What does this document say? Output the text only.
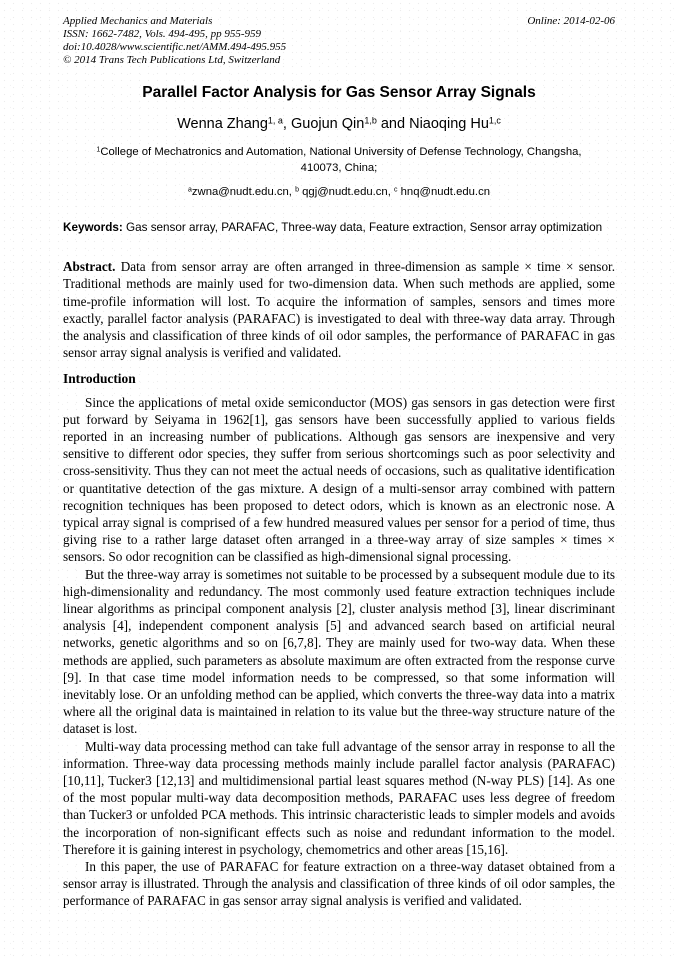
Applied Mechanics and Materials
ISSN: 1662-7482, Vols. 494-495, pp 955-959
doi:10.4028/www.scientific.net/AMM.494-495.955
© 2014 Trans Tech Publications Ltd, Switzerland
Online: 2014-02-06
Parallel Factor Analysis for Gas Sensor Array Signals
Wenna Zhang$^{1, a}$, Guojun Qin$^{1,b}$ and Niaoqing Hu$^{1,c}$
$^1$College of Mechatronics and Automation, National University of Defense Technology, Changsha,
410073, China;
$^a$zwna@nudt.edu.cn, $^b$ qgj@nudt.edu.cn, $^c$ hnq@nudt.edu.cn

Keywords: Gas sensor array, PARAFAC, Three-way data, Feature extraction, Sensor array optimization

Abstract. Data from sensor array are often arranged in three-dimension as sample × time × sensor. Traditional methods are mainly used for two-dimension data. When such methods are applied, some time-profile information will lost. To acquire the information of samples, sensors and times more exactly, parallel factor analysis (PARAFAC) is investigated to deal with three-way data array. Through the analysis and classification of three kinds of oil odor samples, the performance of PARAFAC in gas sensor array signal analysis is verified and validated.

Introduction

Since the applications of metal oxide semiconductor (MOS) gas sensors in gas detection were first put forward by Seiyama in 1962[1], gas sensors have been successfully applied to various fields reported in an increasing number of publications. Although gas sensors are inexpensive and very sensitive to different odor species, they suffer from serious shortcomings such as poor selectivity and cross-sensitivity. Thus they can not meet the actual needs of occasions, such as qualitative identification or quantitative detection of the gas mixture. A design of a multi-sensor array combined with pattern recognition techniques has been proposed to detect odors, which is known as an electronic nose. A typical array signal is comprised of a few hundred measured values per sensor for a period of time, thus giving rise to a rather large dataset often arranged in a three-way array of size samples × times × sensors. So odor recognition can be classified as high-dimensional signal processing.

But the three-way array is sometimes not suitable to be processed by a subsequent module due to its high-dimensionality and redundancy. The most commonly used feature extraction techniques include linear algorithms as principal component analysis [2], cluster analysis method [3], linear discriminant analysis [4], independent component analysis [5] and advanced search based on artificial neural networks, genetic algorithms and so on [6,7,8]. They are mainly used for two-way data. When these methods are applied, such parameters as absolute maximum are often extracted from the response curve [9]. In that case time model information needs to be compressed, so that some information will inevitably lose. Or an unfolding method can be applied, which converts the three-way data into a matrix where all the original data is maintained in relation to its value but the three-way structure nature of the dataset is lost.

Multi-way data processing method can take full advantage of the sensor array in response to all the information. Three-way data processing methods mainly include parallel factor analysis (PARAFAC) [10,11], Tucker3 [12,13] and multidimensional partial least squares method (N-way PLS) [14]. As one of the most popular multi-way data decomposition methods, PARAFAC uses less degree of freedom than Tucker3 or unfolded PCA methods. This intrinsic characteristic leads to simpler models and avoids the incorporation of non-significant effects such as noise and redundant information to the model. Therefore it is gaining interest in psychology, chemometrics and other areas [15,16].

In this paper, the use of PARAFAC for feature extraction on a three-way dataset obtained from a sensor array is illustrated. Through the analysis and classification of three kinds of oil odor samples, the performance of PARAFAC in gas sensor array signal analysis is verified and validated.
